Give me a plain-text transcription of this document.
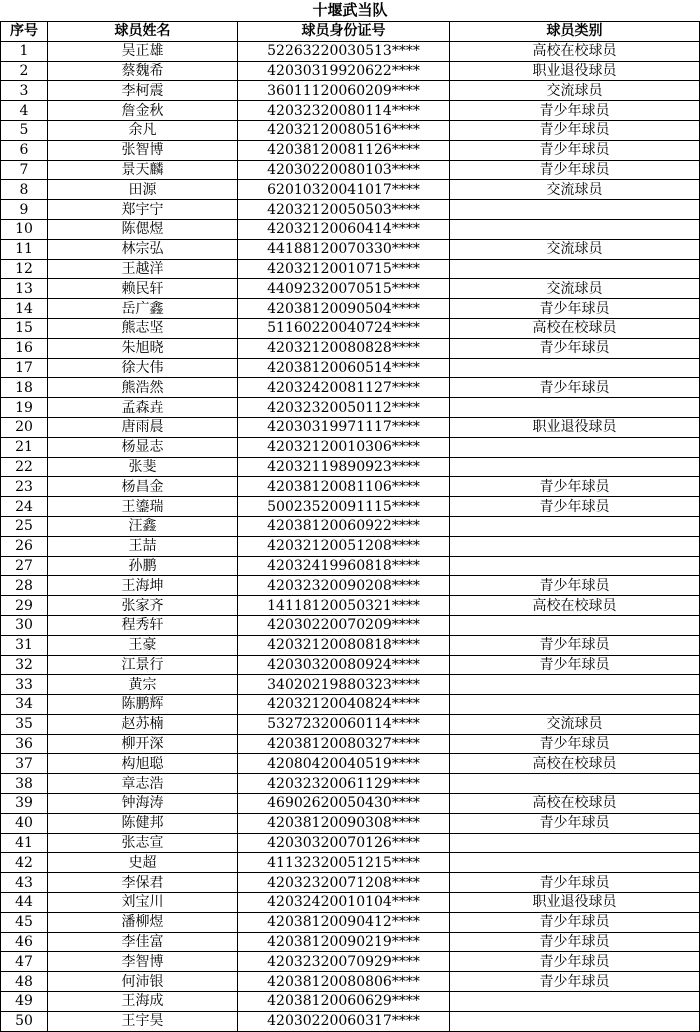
十堰武当队
序号	球员姓名	球员身份证号	球员类别
1	吴正雄	52263220030513****	高校在校球员
2	蔡魏希	42030319920622****	职业退役球员
3	李柯震	36011120060209****	交流球员
4	詹金秋	42032320080114****	青少年球员
5	余凡	42032120080516****	青少年球员
6	张智博	42038120081126****	青少年球员
7	景天麟	42030220080103****	青少年球员
8	田源	62010320041017****	交流球员
9	郑宇宁	42032120050503****	
10	陈偲煜	42032120060414****	
11	林宗弘	44188120070330****	交流球员
12	王越洋	42032120010715****	
13	赖民轩	44092320070515****	交流球员
14	岳广鑫	42038120090504****	青少年球员
15	熊志坚	51160220040724****	高校在校球员
16	朱旭晓	42032120080828****	青少年球员
17	徐大伟	42038120060514****	
18	熊浩然	42032420081127****	青少年球员
19	孟森垚	42032320050112****	
20	唐雨晨	42030319971117****	职业退役球员
21	杨显志	42032120010306****	
22	张斐	42032119890923****	
23	杨昌金	42038120081106****	青少年球员
24	王鎏瑞	50023520091115****	青少年球员
25	汪鑫	42038120060922****	
26	王喆	42032120051208****	
27	孙鹏	42032419960818****	
28	王海坤	42032320090208****	青少年球员
29	张家齐	14118120050321****	高校在校球员
30	程秀轩	42030220070209****	
31	王豪	42032120080818****	青少年球员
32	江景行	42030320080924****	青少年球员
33	黄宗	34020219880323****	
34	陈鹏辉	42032120040824****	
35	赵苏楠	53272320060114****	交流球员
36	柳开深	42038120080327****	青少年球员
37	构旭聪	42080420040519****	高校在校球员
38	章志浩	42032320061129****	
39	钟海涛	46902620050430****	高校在校球员
40	陈健邦	42038120090308****	青少年球员
41	张志宣	42030320070126****	
42	史超	41132320051215****	
43	李保君	42032320071208****	青少年球员
44	刘宝川	42032420010104****	职业退役球员
45	潘柳煜	42038120090412****	青少年球员
46	李佳富	42038120090219****	青少年球员
47	李智博	42032320070929****	青少年球员
48	何沛银	42038120080806****	青少年球员
49	王海成	42038120060629****	
50	王宇昊	42030220060317****	
